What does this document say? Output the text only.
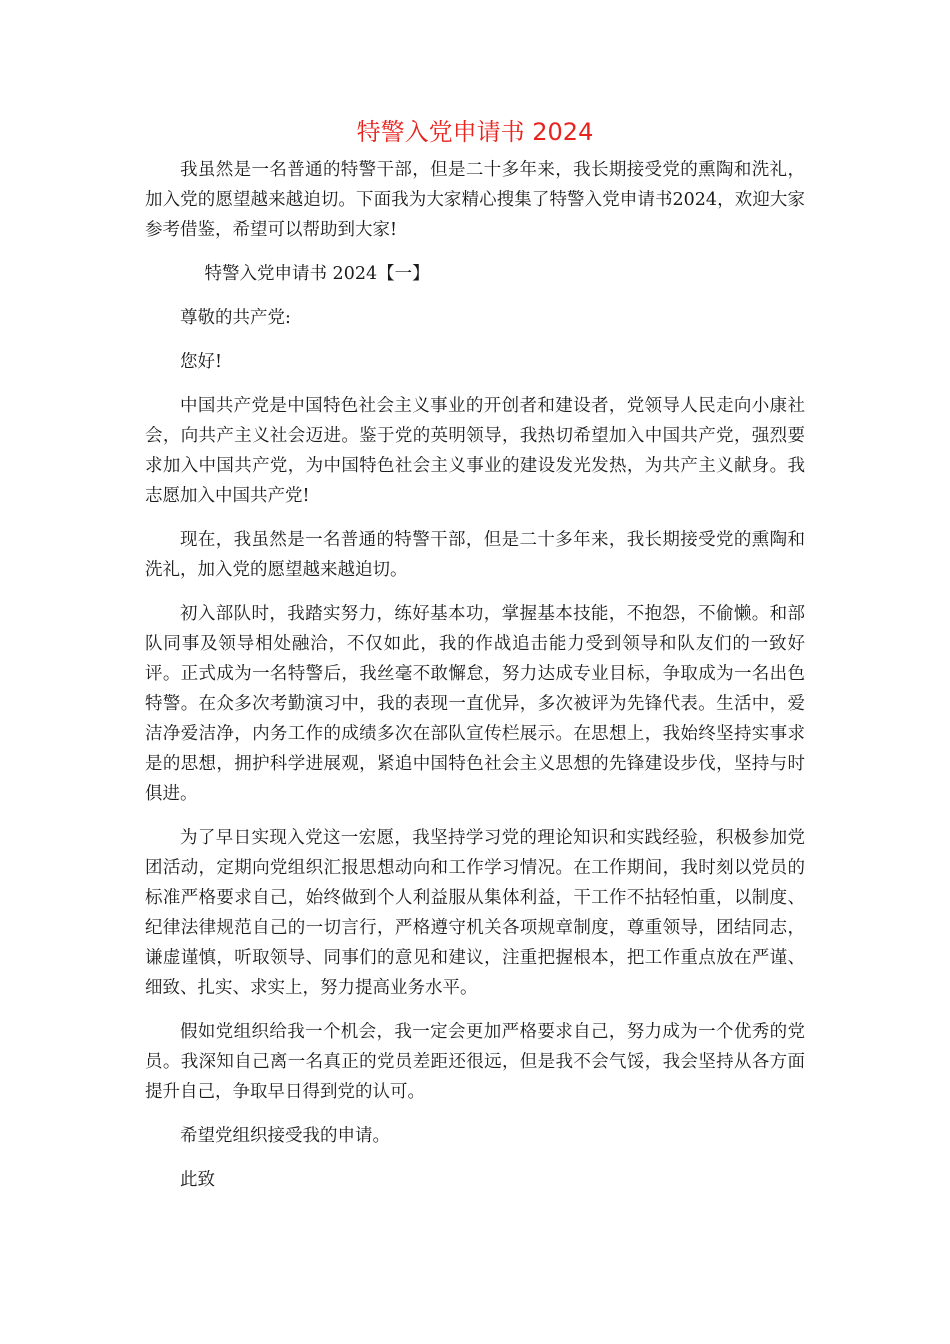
特警入党申请书 2024

我虽然是一名普通的特警干部，但是二十多年来，我长期接受党的熏陶和洗礼，加入党的愿望越来越迫切。下面我为大家精心搜集了特警入党申请书2024，欢迎大家参考借鉴，希望可以帮助到大家!

特警入党申请书 2024【一】

尊敬的共产党:

您好!

中国共产党是中国特色社会主义事业的开创者和建设者，党领导人民走向小康社会，向共产主义社会迈进。鉴于党的英明领导，我热切希望加入中国共产党，强烈要求加入中国共产党，为中国特色社会主义事业的建设发光发热，为共产主义献身。我志愿加入中国共产党!

现在，我虽然是一名普通的特警干部，但是二十多年来，我长期接受党的熏陶和洗礼，加入党的愿望越来越迫切。

初入部队时，我踏实努力，练好基本功，掌握基本技能，不抱怨，不偷懒。和部队同事及领导相处融洽，不仅如此，我的作战追击能力受到领导和队友们的一致好评。正式成为一名特警后，我丝毫不敢懈怠，努力达成专业目标，争取成为一名出色特警。在众多次考勤演习中，我的表现一直优异，多次被评为先锋代表。生活中，爱洁净爱洁净，内务工作的成绩多次在部队宣传栏展示。在思想上，我始终坚持实事求是的思想，拥护科学进展观，紧追中国特色社会主义思想的先锋建设步伐，坚持与时俱进。

为了早日实现入党这一宏愿，我坚持学习党的理论知识和实践经验，积极参加党团活动，定期向党组织汇报思想动向和工作学习情况。在工作期间，我时刻以党员的标准严格要求自己，始终做到个人利益服从集体利益，干工作不拈轻怕重，以制度、纪律法律规范自己的一切言行，严格遵守机关各项规章制度，尊重领导，团结同志，谦虚谨慎，听取领导、同事们的意见和建议，注重把握根本，把工作重点放在严谨、细致、扎实、求实上，努力提高业务水平。

假如党组织给我一个机会，我一定会更加严格要求自己，努力成为一个优秀的党员。我深知自己离一名真正的党员差距还很远，但是我不会气馁，我会坚持从各方面提升自己，争取早日得到党的认可。

希望党组织接受我的申请。

此致
